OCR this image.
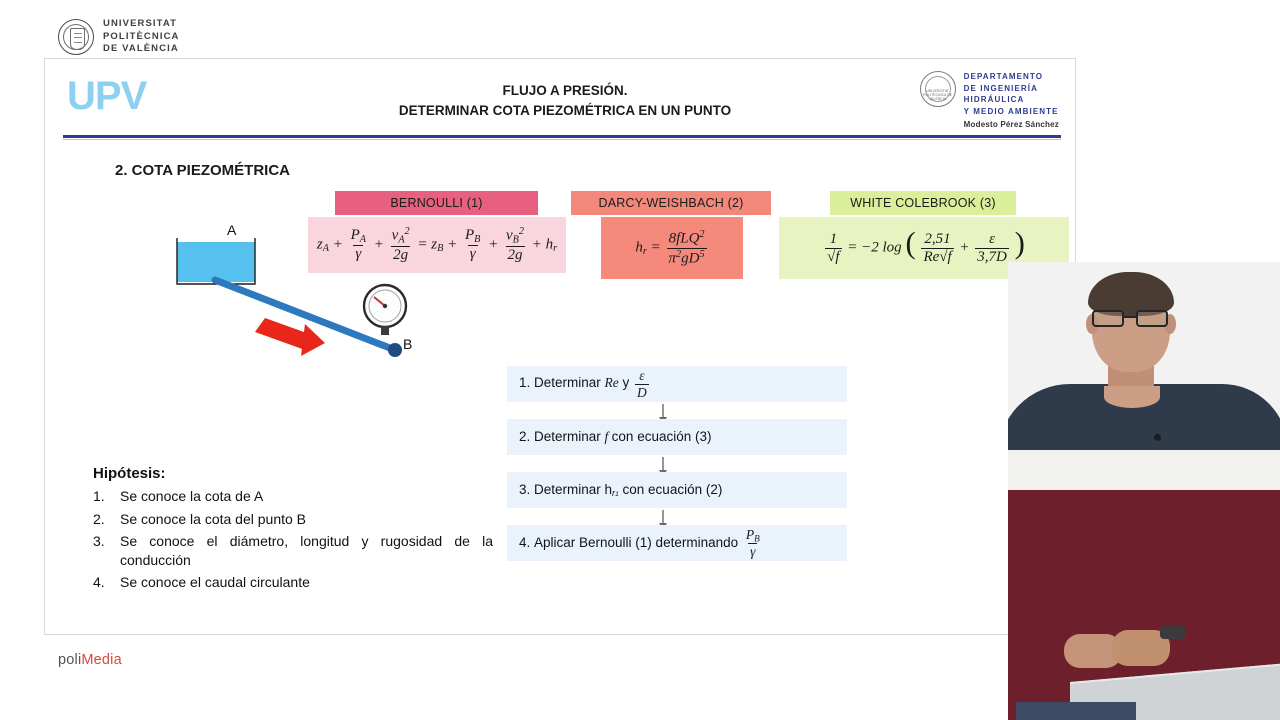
UNIVERSITAT
POLITÈCNICA
DE VALÈNCIA
UPV	FLUJO A PRESIÓN.
DETERMINAR COTA PIEZOMÉTRICA EN UN PUNTO
UNIVERSITAT POLITÈCNICA DE VALÈNCIA
DEPARTAMENTO
DE INGENIERÍA
HIDRÁULICA
Y MEDIO AMBIENTE
Modesto Pérez Sánchez
2. COTA PIEZOMÉTRICA
BERNOULLI (1)
$z_A + \frac{P_A}{\gamma} + \frac{v_A^2}{2g} = z_B + \frac{P_B}{\gamma} + \frac{v_B^2}{2g} + h_r$
DARCY-WEISHBACH (2)
$h_r = \frac{8fLQ^2}{\pi^2gD^5}$
WHITE COLEBROOK (3)
$\frac{1}{√f} = -2$ log ( $\frac{2,51}{Re√f} + \frac{\varepsilon}{3,7D}$ )
A
B
1. Determinar Re y $\frac{\varepsilon}{D}$
2. Determinar f con ecuación (3)
3. Determinar $h_{r1}$ con ecuación (2)
4. Aplicar Bernoulli (1) determinando $\frac{P_B}{\gamma}$
Hipótesis:
1.	Se conoce la cota de A
2.	Se conoce la cota del punto B
3.	Se conoce el diámetro, longitud y rugosidad de la conducción
4.	Se conoce el caudal circulante
poliMedia
